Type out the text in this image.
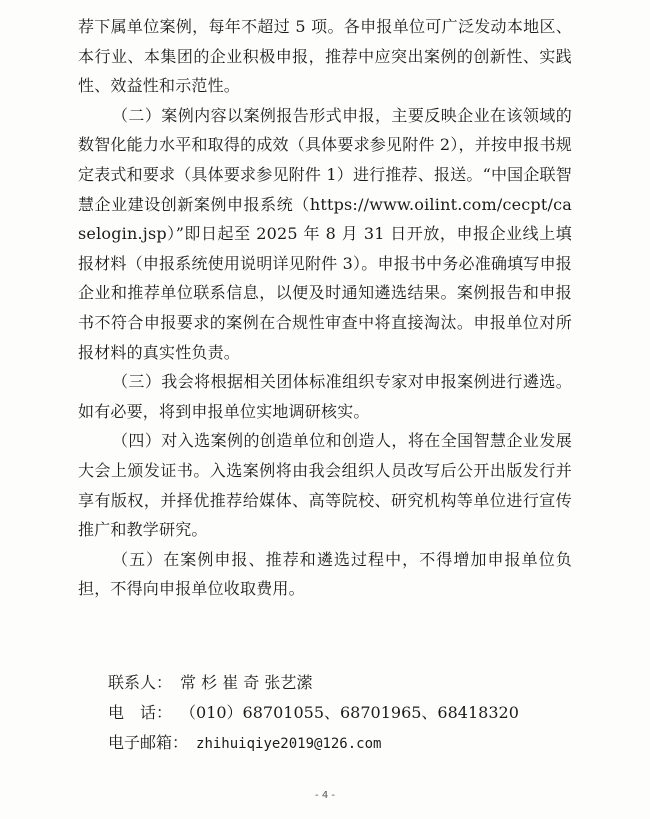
荐下属单位案例，每年不超过 5 项。各申报单位可广泛发动本地区、本行业、本集团的企业积极申报，推荐中应突出案例的创新性、实践性、效益性和示范性。

（二）案例内容以案例报告形式申报，主要反映企业在该领域的数智化能力水平和取得的成效（具体要求参见附件 2），并按申报书规定表式和要求（具体要求参见附件 1）进行推荐、报送。“中国企联智慧企业建设创新案例申报系统（https://www.oilint.com/cecpt/caselogin.jsp）”即日起至 2025 年 8 月 31 日开放，申报企业线上填报材料（申报系统使用说明详见附件 3）。申报书中务必准确填写申报企业和推荐单位联系信息，以便及时通知遴选结果。案例报告和申报书不符合申报要求的案例在合规性审查中将直接淘汰。申报单位对所报材料的真实性负责。

（三）我会将根据相关团体标准组织专家对申报案例进行遴选。如有必要，将到申报单位实地调研核实。

（四）对入选案例的创造单位和创造人，将在全国智慧企业发展大会上颁发证书。入选案例将由我会组织人员改写后公开出版发行并享有版权，并择优推荐给媒体、高等院校、研究机构等单位进行宣传推广和教学研究。

（五）在案例申报、推荐和遴选过程中，不得增加申报单位负担，不得向申报单位收取费用。

联系人： 常 杉 崔 奇 张艺潆
电　话： （010）68701055、68701965、68418320
电子邮箱： zhihuiqiye2019@126.com
- 4 -
